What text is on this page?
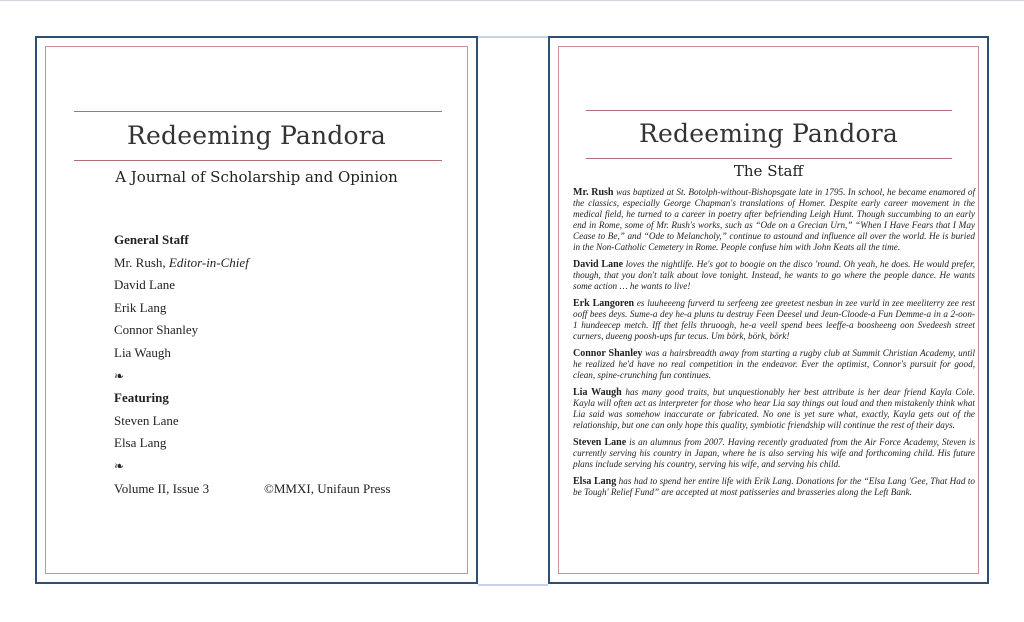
Redeeming Pandora
A Journal of Scholarship and Opinion
General Staff
Mr. Rush, Editor-in-Chief
David Lane
Erik Lang
Connor Shanley
Lia Waugh
❧
Featuring
Steven Lane
Elsa Lang
❧
Volume II, Issue 3	©MMXI, Unifaun Press
Redeeming Pandora
The Staff

Mr. Rush was baptized at St. Botolph-without-Bishopsgate late in 1795. In school, he became enamored of the classics, especially George Chapman's translations of Homer. Despite early career movement in the medical field, he turned to a career in poetry after befriending Leigh Hunt. Though succumbing to an early end in Rome, some of Mr. Rush's works, such as “Ode on a Grecian Urn,” “When I Have Fears that I May Cease to Be,” and “Ode to Melancholy,” continue to astound and influence all over the world. He is buried in the Non-Catholic Cemetery in Rome. People confuse him with John Keats all the time.

David Lane loves the nightlife. He's got to boogie on the disco 'round. Oh yeah, he does. He would prefer, though, that you don't talk about love tonight. Instead, he wants to go where the people dance. He wants some action … he wants to live!

Erk Langoren es luuheeeng furverd tu serfeeng zee greetest nesbun in zee vurld in zee meeliterry zee rest ooff bees deys. Sume-a dey he-a pluns tu destruy Feen Deesel und Jeun-Cloode-a Fun Demme-a in a 2-oon-1 hundeecep metch. Iff thet fells thruoogh, he-a veell spend bees leeffe-a boosheeng oon Svedeesh street curners, dueeng poosh-ups fur tecus. Um börk, börk, börk!

Connor Shanley was a hairsbreadth away from starting a rugby club at Summit Christian Academy, until he realized he'd have no real competition in the endeavor. Ever the optimist, Connor's pursuit for good, clean, spine-crunching fun continues.

Lia Waugh has many good traits, but unquestionably her best attribute is her dear friend Kayla Cole. Kayla will often act as interpreter for those who hear Lia say things out loud and then mistakenly think what Lia said was somehow inaccurate or fabricated. No one is yet sure what, exactly, Kayla gets out of the relationship, but one can only hope this quality, symbiotic friendship will continue the rest of their days.

Steven Lane is an alumnus from 2007. Having recently graduated from the Air Force Academy, Steven is currently serving his country in Japan, where he is also serving his wife and forthcoming child. His future plans include serving his country, serving his wife, and serving his child.

Elsa Lang has had to spend her entire life with Erik Lang. Donations for the “Elsa Lang 'Gee, That Had to be Tough' Relief Fund” are accepted at most patisseries and brasseries along the Left Bank.
